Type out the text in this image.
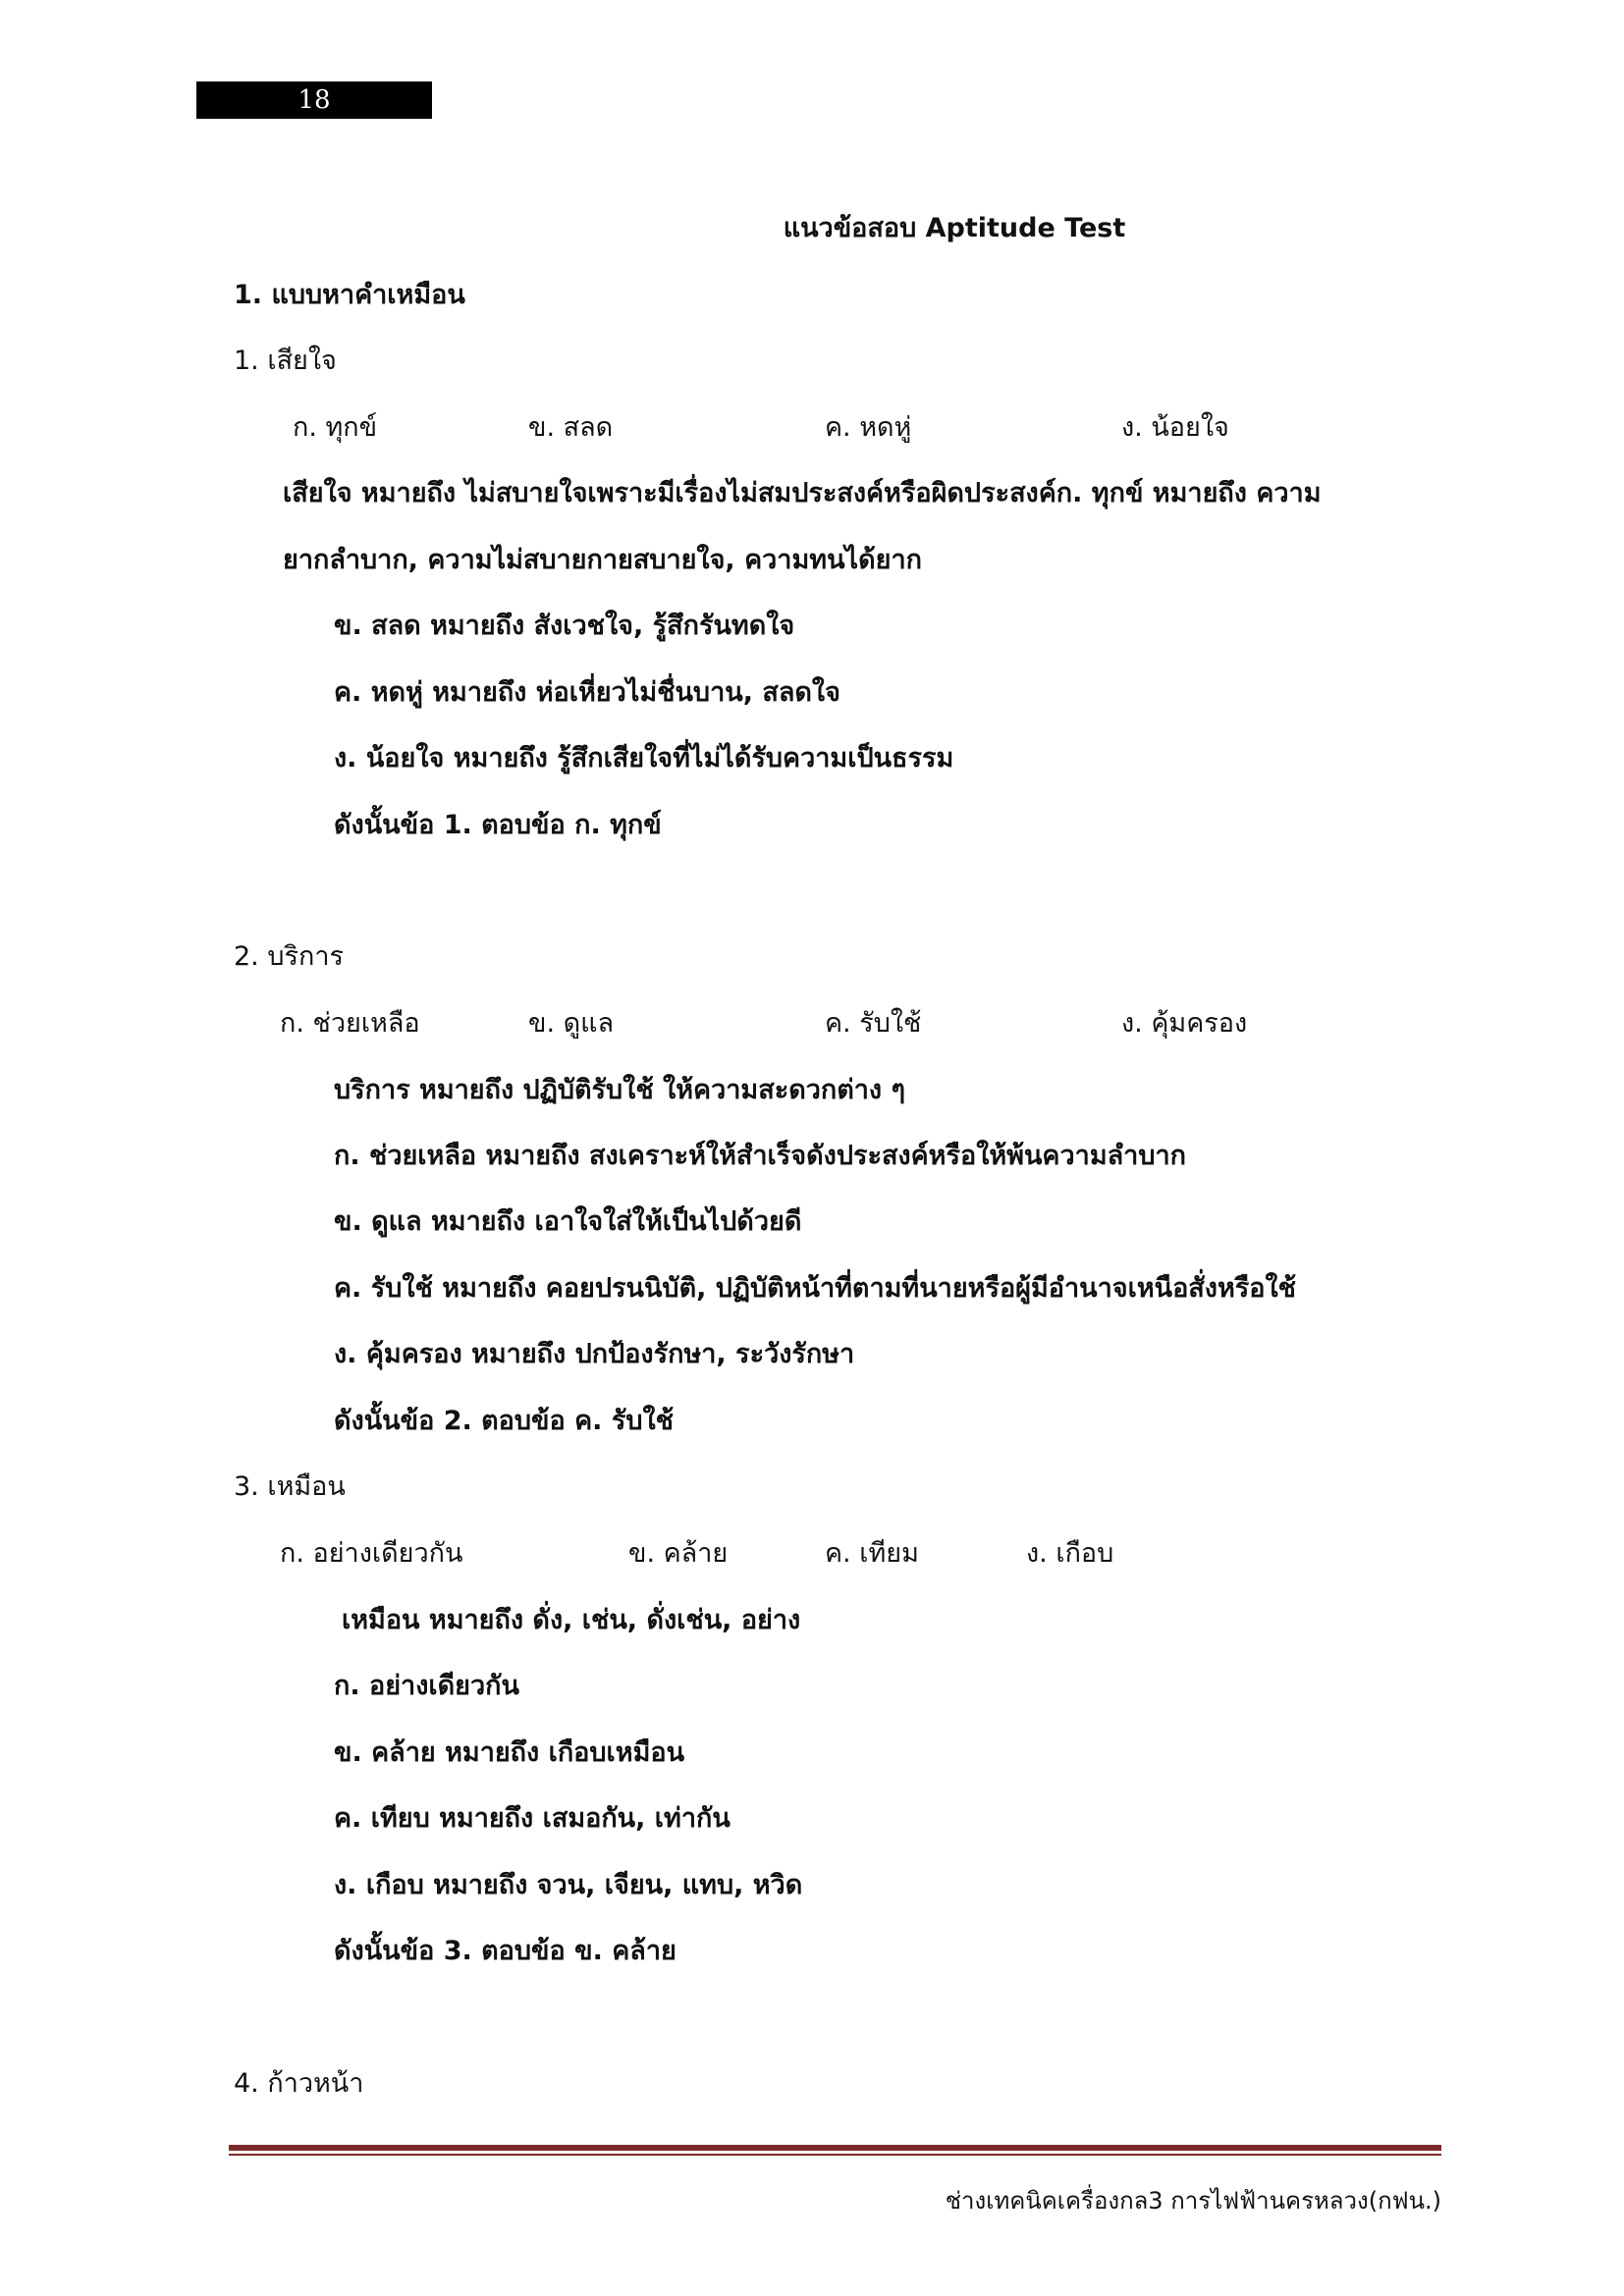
18
แนวข้อสอบ Aptitude Test
1. แบบหาคำเหมือน
1. เสียใจ
ก. ทุกข์	ข. สลด	ค. หดหู่	ง. น้อยใจ
เสียใจ หมายถึง ไม่สบายใจเพราะมีเรื่องไม่สมประสงค์หรือผิดประสงค์ก. ทุกข์ หมายถึง ความ
ยากลำบาก, ความไม่สบายกายสบายใจ, ความทนได้ยาก
ข. สลด หมายถึง สังเวชใจ, รู้สึกรันทดใจ
ค. หดหู่ หมายถึง ห่อเหี่ยวไม่ชื่นบาน, สลดใจ
ง. น้อยใจ หมายถึง รู้สึกเสียใจที่ไม่ได้รับความเป็นธรรม
ดังนั้นข้อ 1. ตอบข้อ ก. ทุกข์
2. บริการ
ก. ช่วยเหลือ	ข. ดูแล	ค. รับใช้	ง. คุ้มครอง
บริการ หมายถึง ปฏิบัติรับใช้ ให้ความสะดวกต่าง ๆ
ก. ช่วยเหลือ หมายถึง สงเคราะห์ให้สำเร็จดังประสงค์หรือให้พ้นความลำบาก
ข. ดูแล หมายถึง เอาใจใส่ให้เป็นไปด้วยดี
ค. รับใช้ หมายถึง คอยปรนนิบัติ, ปฏิบัติหน้าที่ตามที่นายหรือผู้มีอำนาจเหนือสั่งหรือใช้
ง. คุ้มครอง หมายถึง ปกป้องรักษา, ระวังรักษา
ดังนั้นข้อ 2. ตอบข้อ ค. รับใช้
3. เหมือน
ก. อย่างเดียวกัน	ข. คล้าย	ค. เทียม	ง. เกือบ
เหมือน หมายถึง ดั่ง, เช่น, ดั่งเช่น, อย่าง
ก. อย่างเดียวกัน
ข. คล้าย หมายถึง เกือบเหมือน
ค. เทียบ หมายถึง เสมอกัน, เท่ากัน
ง. เกือบ หมายถึง จวน, เจียน, แทบ, หวิด
ดังนั้นข้อ 3. ตอบข้อ ข. คล้าย
4. ก้าวหน้า
ช่างเทคนิคเครื่องกล3 การไฟฟ้านครหลวง(กฟน.)
